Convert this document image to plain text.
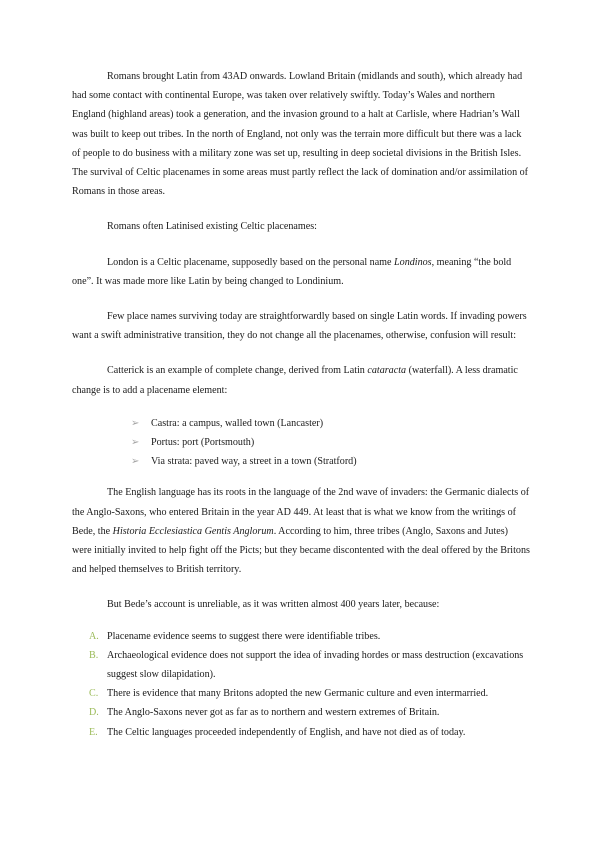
Romans brought Latin from 43AD onwards. Lowland Britain (midlands and south), which already had had some contact with continental Europe, was taken over relatively swiftly. Today’s Wales and northern England (highland areas) took a generation, and the invasion ground to a halt at Carlisle, where Hadrian’s Wall was built to keep out tribes. In the north of England, not only was the terrain more difficult but there was a lack of people to do business with a military zone was set up, resulting in deep societal divisions in the British Isles. The survival of Celtic placenames in some areas must partly reflect the lack of domination and/or assimilation of Romans in those areas.

Romans often Latinised existing Celtic placenames:

London is a Celtic placename, supposedly based on the personal name Londinos, meaning “the bold one”. It was made more like Latin by being changed to Londinium.

Few place names surviving today are straightforwardly based on single Latin words. If invading powers want a swift administrative transition, they do not change all the placenames, otherwise, confusion will result:

Catterick is an example of complete change, derived from Latin cataracta (waterfall). A less dramatic change is to add a placename element:

➢ Castra: a campus, walled town (Lancaster)
➢ Portus: port (Portsmouth)
➢ Via strata: paved way, a street in a town (Stratford)

The English language has its roots in the language of the 2nd wave of invaders: the Germanic dialects of the Anglo-Saxons, who entered Britain in the year AD 449. At least that is what we know from the writings of Bede, the Historia Ecclesiastica Gentis Anglorum. According to him, three tribes (Anglo, Saxons and Jutes) were initially invited to help fight off the Picts; but they became discontented with the deal offered by the Britons and helped themselves to British territory.

But Bede’s account is unreliable, as it was written almost 400 years later, because:

A. Placename evidence seems to suggest there were identifiable tribes.
B. Archaeological evidence does not support the idea of invading hordes or mass destruction (excavations suggest slow dilapidation).
C. There is evidence that many Britons adopted the new Germanic culture and even intermarried.
D. The Anglo-Saxons never got as far as to northern and western extremes of Britain.
E. The Celtic languages proceeded independently of English, and have not died as of today.
